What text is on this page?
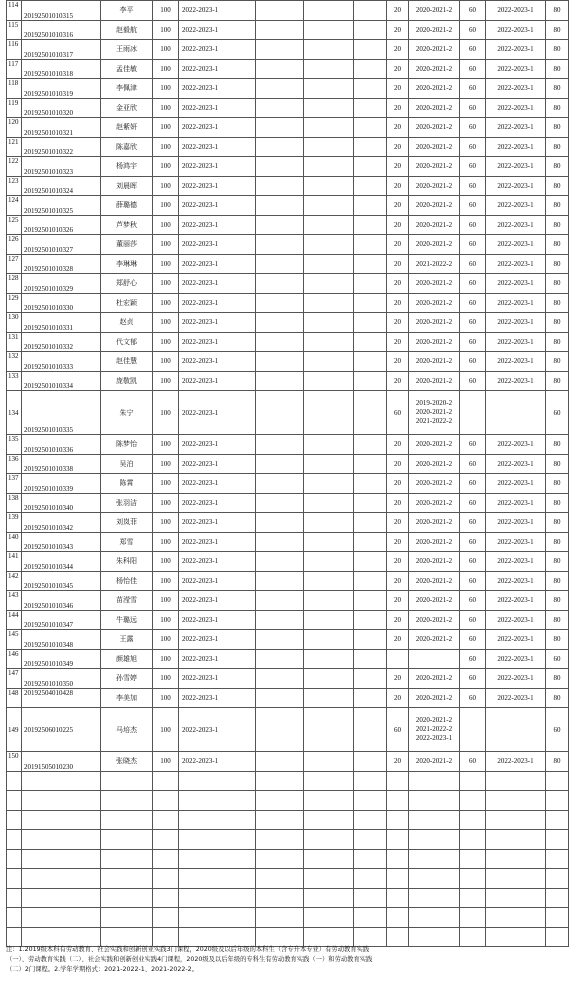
114	20192501010315	李平	100	2022-2023-1				20	2020-2021-2	60	2022-2023-1	80
115	20192501010316	赵毅航	100	2022-2023-1				20	2020-2021-2	60	2022-2023-1	80
116	20192501010317	王雨冰	100	2022-2023-1				20	2020-2021-2	60	2022-2023-1	80
117	20192501010318	孟佳敏	100	2022-2023-1				20	2020-2021-2	60	2022-2023-1	80
118	20192501010319	李佩津	100	2022-2023-1				20	2020-2021-2	60	2022-2023-1	80
119	20192501010320	金亚欣	100	2022-2023-1				20	2020-2021-2	60	2022-2023-1	80
120	20192501010321	赵紫妍	100	2022-2023-1				20	2020-2021-2	60	2022-2023-1	80
121	20192501010322	陈嘉欣	100	2022-2023-1				20	2020-2021-2	60	2022-2023-1	80
122	20192501010323	杨鸿宇	100	2022-2023-1				20	2020-2021-2	60	2022-2023-1	80
123	20192501010324	刘晨晖	100	2022-2023-1				20	2020-2021-2	60	2022-2023-1	80
124	20192501010325	薛璐德	100	2022-2023-1				20	2020-2021-2	60	2022-2023-1	80
125	20192501010326	芦梦秋	100	2022-2023-1				20	2020-2021-2	60	2022-2023-1	80
126	20192501010327	董丽莎	100	2022-2023-1				20	2020-2021-2	60	2022-2023-1	80
127	20192501010328	李琳琳	100	2022-2023-1				20	2021-2022-2	60	2022-2023-1	80
128	20192501010329	郑舒心	100	2022-2023-1				20	2020-2021-2	60	2022-2023-1	80
129	20192501010330	杜宏颖	100	2022-2023-1				20	2020-2021-2	60	2022-2023-1	80
130	20192501010331	赵贞	100	2022-2023-1				20	2020-2021-2	60	2022-2023-1	80
131	20192501010332	代文郁	100	2022-2023-1				20	2020-2021-2	60	2022-2023-1	80
132	20192501010333	赵佳慧	100	2022-2023-1				20	2020-2021-2	60	2022-2023-1	80
133	20192501010334	庞敬凯	100	2022-2023-1				20	2020-2021-2	60	2022-2023-1	80
134	20192501010335	朱宁	100	2022-2023-1				60	2019-2020-2 2020-2021-2 2021-2022-2			60
135	20192501010336	陈梦怡	100	2022-2023-1				20	2020-2021-2	60	2022-2023-1	80
136	20192501010338	吴泊	100	2022-2023-1				20	2020-2021-2	60	2022-2023-1	80
137	20192501010339	陈霄	100	2022-2023-1				20	2020-2021-2	60	2022-2023-1	80
138	20192501010340	张羽洁	100	2022-2023-1				20	2020-2021-2	60	2022-2023-1	80
139	20192501010342	刘岚菲	100	2022-2023-1				20	2020-2021-2	60	2022-2023-1	80
140	20192501010343	郑雪	100	2022-2023-1				20	2020-2021-2	60	2022-2023-1	80
141	20192501010344	朱科阳	100	2022-2023-1				20	2020-2021-2	60	2022-2023-1	80
142	20192501010345	杨怡佳	100	2022-2023-1				20	2020-2021-2	60	2022-2023-1	80
143	20192501010346	苗滢雪	100	2022-2023-1				20	2020-2021-2	60	2022-2023-1	80
144	20192501010347	牛璐远	100	2022-2023-1				20	2020-2021-2	60	2022-2023-1	80
145	20192501010348	王露	100	2022-2023-1				20	2020-2021-2	60	2022-2023-1	80
146	20192501010349	颜雄旭	100	2022-2023-1						60	2022-2023-1	60
147	20192501010350	孙雪婷	100	2022-2023-1				20	2020-2021-2	60	2022-2023-1	80
148	20192504010428	李美加	100	2022-2023-1				20	2020-2021-2	60	2022-2023-1	80
149	20192506010225	马培杰	100	2022-2023-1				60	2020-2021-2 2021-2022-2 2022-2023-1			60
150	20191505010230	张晓杰	100	2022-2023-1				20	2020-2021-2	60	2022-2023-1	80

注：1.2019级本科有劳动教育、社会实践和创新创业实践3门课程，2020级及以后年级的本科生（含专升本专业）有劳动教育实践
（一）、劳动教育实践（二）、社会实践和创新创业实践4门课程，2020级及以后年级的专科生有劳动教育实践（一）和劳动教育实践
（二）2门课程。2.学年学期格式：2021-2022-1、2021-2022-2。
